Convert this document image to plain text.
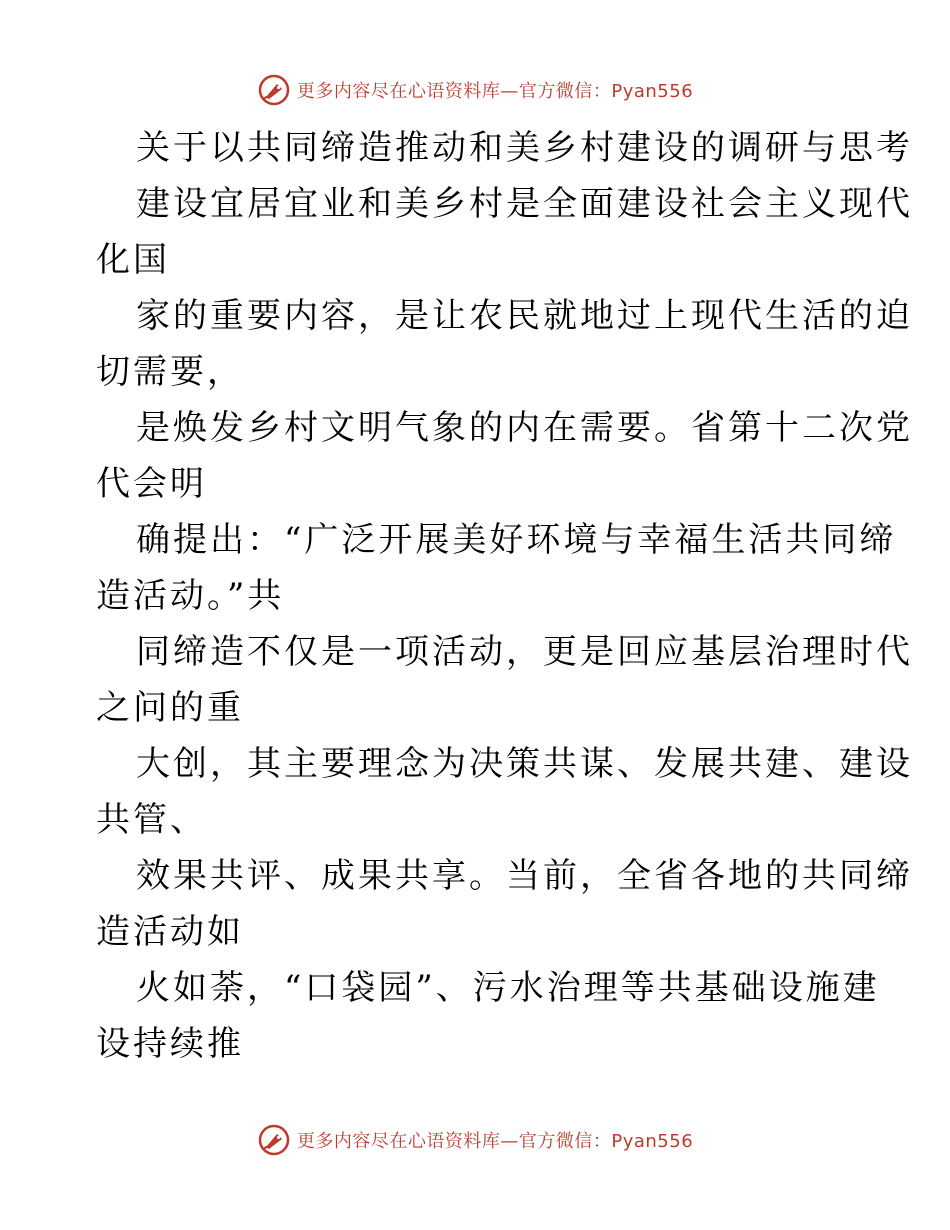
更多内容尽在心语资料库—官方微信：Pyan556
关于以共同缔造推动和美乡村建设的调研与思考
建设宜居宜业和美乡村是全面建设社会主义现代
化国
家的重要内容，是让农民就地过上现代生活的迫
切需要，
是焕发乡村文明气象的内在需要。省第十二次党
代会明
确提出：“广泛开展美好环境与幸福生活共同缔
造活动。”共
同缔造不仅是一项活动，更是回应基层治理时代
之问的重
大创，其主要理念为决策共谋、发展共建、建设
共管、
效果共评、成果共享。当前，全省各地的共同缔
造活动如
火如荼，“口袋园”、污水治理等共基础设施建
设持续推
更多内容尽在心语资料库—官方微信：Pyan556
